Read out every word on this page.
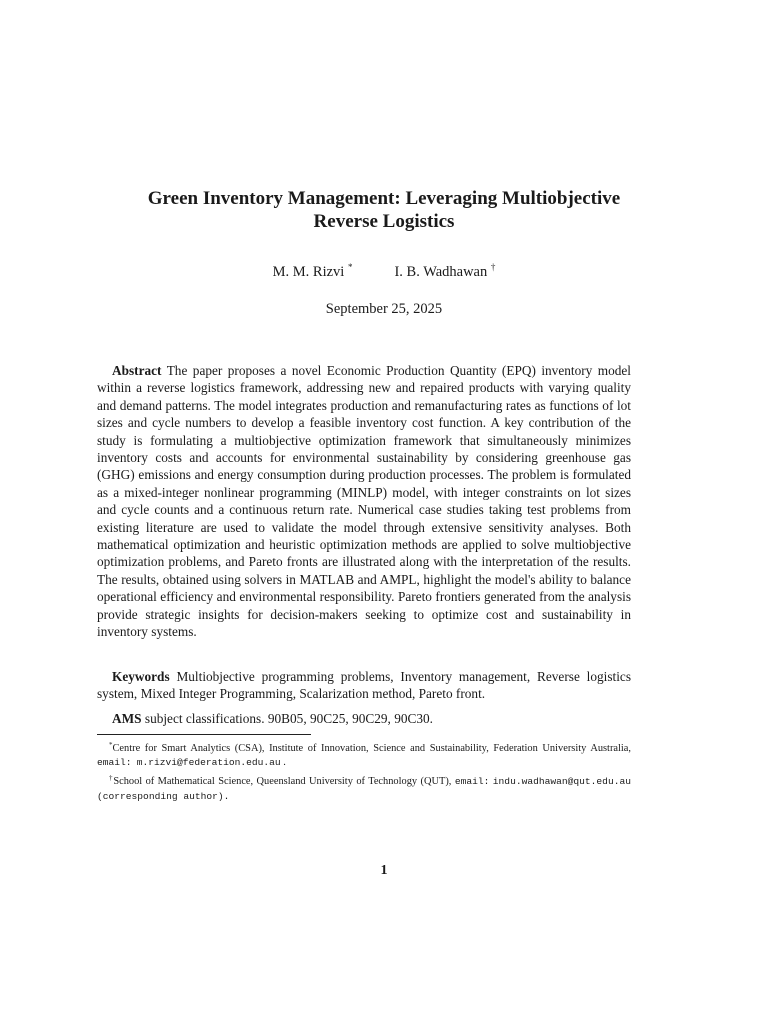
Green Inventory Management: Leveraging Multiobjective
Reverse Logistics
M. M. Rizvi *	I. B. Wadhawan †
September 25, 2025

Abstract The paper proposes a novel Economic Production Quantity (EPQ) inventory model within a reverse logistics framework, addressing new and repaired products with varying quality and demand patterns. The model integrates production and remanufacturing rates as functions of lot sizes and cycle numbers to develop a feasible inventory cost function. A key contribution of the study is formulating a multiobjective optimization framework that simultaneously minimizes inventory costs and accounts for environmental sustainability by considering greenhouse gas (GHG) emissions and energy consumption during production processes. The problem is formulated as a mixed-integer nonlinear programming (MINLP) model, with integer constraints on lot sizes and cycle counts and a continuous return rate. Numerical case studies taking test problems from existing literature are used to validate the model through extensive sensitivity analyses. Both mathematical optimization and heuristic optimization methods are applied to solve multiobjective optimization problems, and Pareto fronts are illustrated along with the interpretation of the results. The results, obtained using solvers in MATLAB and AMPL, highlight the model's ability to balance operational efficiency and environmental responsibility. Pareto frontiers generated from the analysis provide strategic insights for decision-makers seeking to optimize cost and sustainability in inventory systems.

Keywords Multiobjective programming problems, Inventory management, Reverse logistics system, Mixed Integer Programming, Scalarization method, Pareto front.

AMS subject classifications. 90B05, 90C25, 90C29, 90C30.

*Centre for Smart Analytics (CSA), Institute of Innovation, Science and Sustainability, Federation University Australia, email: m.rizvi@federation.edu.au .

†School of Mathematical Science, Queensland University of Technology (QUT), email: indu.wadhawan@qut.edu.au (corresponding author).

1
